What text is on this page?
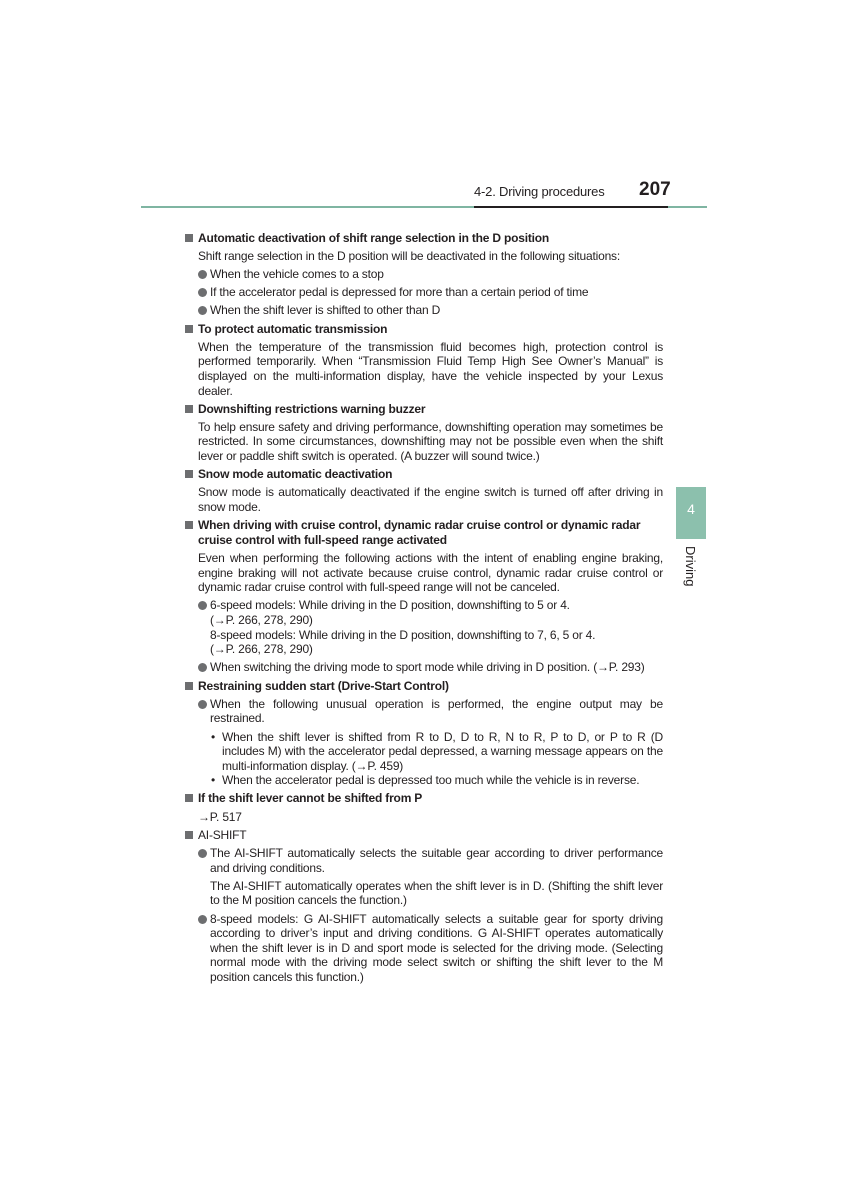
4-2. Driving procedures 207
4
Driving
Automatic deactivation of shift range selection in the D position
Shift range selection in the D position will be deactivated in the following situations:
When the vehicle comes to a stop
If the accelerator pedal is depressed for more than a certain period of time
When the shift lever is shifted to other than D
To protect automatic transmission
When the temperature of the transmission fluid becomes high, protection control is performed temporarily. When “Transmission Fluid Temp High See Owner’s Manual” is displayed on the multi-information display, have the vehicle inspected by your Lexus dealer.
Downshifting restrictions warning buzzer
To help ensure safety and driving performance, downshifting operation may sometimes be restricted. In some circumstances, downshifting may not be possible even when the shift lever or paddle shift switch is operated. (A buzzer will sound twice.)
Snow mode automatic deactivation
Snow mode is automatically deactivated if the engine switch is turned off after driving in snow mode.
When driving with cruise control, dynamic radar cruise control or dynamic radar cruise control with full-speed range activated
Even when performing the following actions with the intent of enabling engine braking, engine braking will not activate because cruise control, dynamic radar cruise control or dynamic radar cruise control with full-speed range will not be canceled.
6-speed models: While driving in the D position, downshifting to 5 or 4.
(→P. 266, 278, 290)
8-speed models: While driving in the D position, downshifting to 7, 6, 5 or 4.
(→P. 266, 278, 290)
When switching the driving mode to sport mode while driving in D position. (→P. 293)
Restraining sudden start (Drive-Start Control)
When the following unusual operation is performed, the engine output may be restrained.
• When the shift lever is shifted from R to D, D to R, N to R, P to D, or P to R (D includes M) with the accelerator pedal depressed, a warning message appears on the multi-information display. (→P. 459)
• When the accelerator pedal is depressed too much while the vehicle is in reverse.
If the shift lever cannot be shifted from P
→P. 517
AI-SHIFT
The AI-SHIFT automatically selects the suitable gear according to driver performance and driving conditions.
The AI-SHIFT automatically operates when the shift lever is in D. (Shifting the shift lever to the M position cancels the function.)
8-speed models: G AI-SHIFT automatically selects a suitable gear for sporty driving according to driver’s input and driving conditions. G AI-SHIFT operates automatically when the shift lever is in D and sport mode is selected for the driving mode. (Selecting normal mode with the driving mode select switch or shifting the shift lever to the M position cancels this function.)
